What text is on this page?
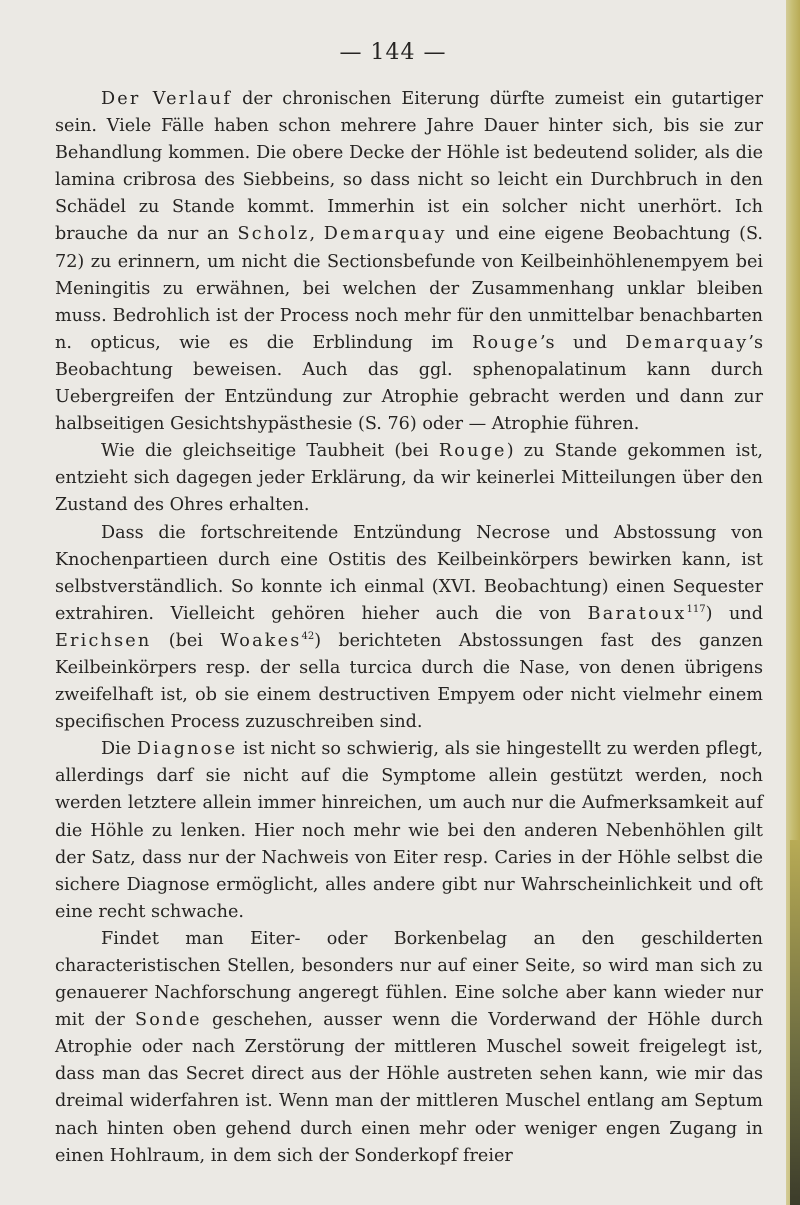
— 144 —

Der Verlauf der chronischen Eiterung dürfte zumeist ein gutartiger sein. Viele Fälle haben schon mehrere Jahre Dauer hinter sich, bis sie zur Behandlung kommen. Die obere Decke der Höhle ist bedeutend solider, als die lamina cribrosa des Siebbeins, so dass nicht so leicht ein Durchbruch in den Schädel zu Stande kommt. Immerhin ist ein solcher nicht unerhört. Ich brauche da nur an Scholz, Demarquay und eine eigene Beobachtung (S. 72) zu erinnern, um nicht die Sectionsbefunde von Keilbeinhöhlenempyem bei Meningitis zu erwähnen, bei welchen der Zusammenhang unklar bleiben muss. Bedrohlich ist der Process noch mehr für den unmittelbar benachbarten n. opticus, wie es die Erblindung im Rouge’s und Demarquay’s Beobachtung beweisen. Auch das ggl. sphenopalatinum kann durch Uebergreifen der Entzündung zur Atrophie gebracht werden und dann zur halbseitigen Gesichtshypästhesie (S. 76) oder — Atrophie führen.

Wie die gleichseitige Taubheit (bei Rouge) zu Stande gekommen ist, entzieht sich dagegen jeder Erklärung, da wir keinerlei Mitteilungen über den Zustand des Ohres erhalten.

Dass die fortschreitende Entzündung Necrose und Abstossung von Knochenpartieen durch eine Ostitis des Keilbeinkörpers bewirken kann, ist selbstverständlich. So konnte ich einmal (XVI. Beobachtung) einen Sequester extrahiren. Vielleicht gehören hieher auch die von Baratoux$^{117}$) und Erichsen (bei Woakes$^{42}$) berichteten Abstossungen fast des ganzen Keilbeinkörpers resp. der sella turcica durch die Nase, von denen übrigens zweifelhaft ist, ob sie einem destructiven Empyem oder nicht vielmehr einem specifischen Process zuzuschreiben sind.

Die Diagnose ist nicht so schwierig, als sie hingestellt zu werden pflegt, allerdings darf sie nicht auf die Symptome allein gestützt werden, noch werden letztere allein immer hinreichen, um auch nur die Aufmerksamkeit auf die Höhle zu lenken. Hier noch mehr wie bei den anderen Nebenhöhlen gilt der Satz, dass nur der Nachweis von Eiter resp. Caries in der Höhle selbst die sichere Diagnose ermöglicht, alles andere gibt nur Wahrscheinlichkeit und oft eine recht schwache.

Findet man Eiter- oder Borkenbelag an den geschilderten characteristischen Stellen, besonders nur auf einer Seite, so wird man sich zu genauerer Nachforschung angeregt fühlen. Eine solche aber kann wieder nur mit der Sonde geschehen, ausser wenn die Vorderwand der Höhle durch Atrophie oder nach Zerstörung der mittleren Muschel soweit freigelegt ist, dass man das Secret direct aus der Höhle austreten sehen kann, wie mir das dreimal widerfahren ist. Wenn man der mittleren Muschel entlang am Septum nach hinten oben gehend durch einen mehr oder weniger engen Zugang in einen Hohlraum, in dem sich der Sonderkopf freier
